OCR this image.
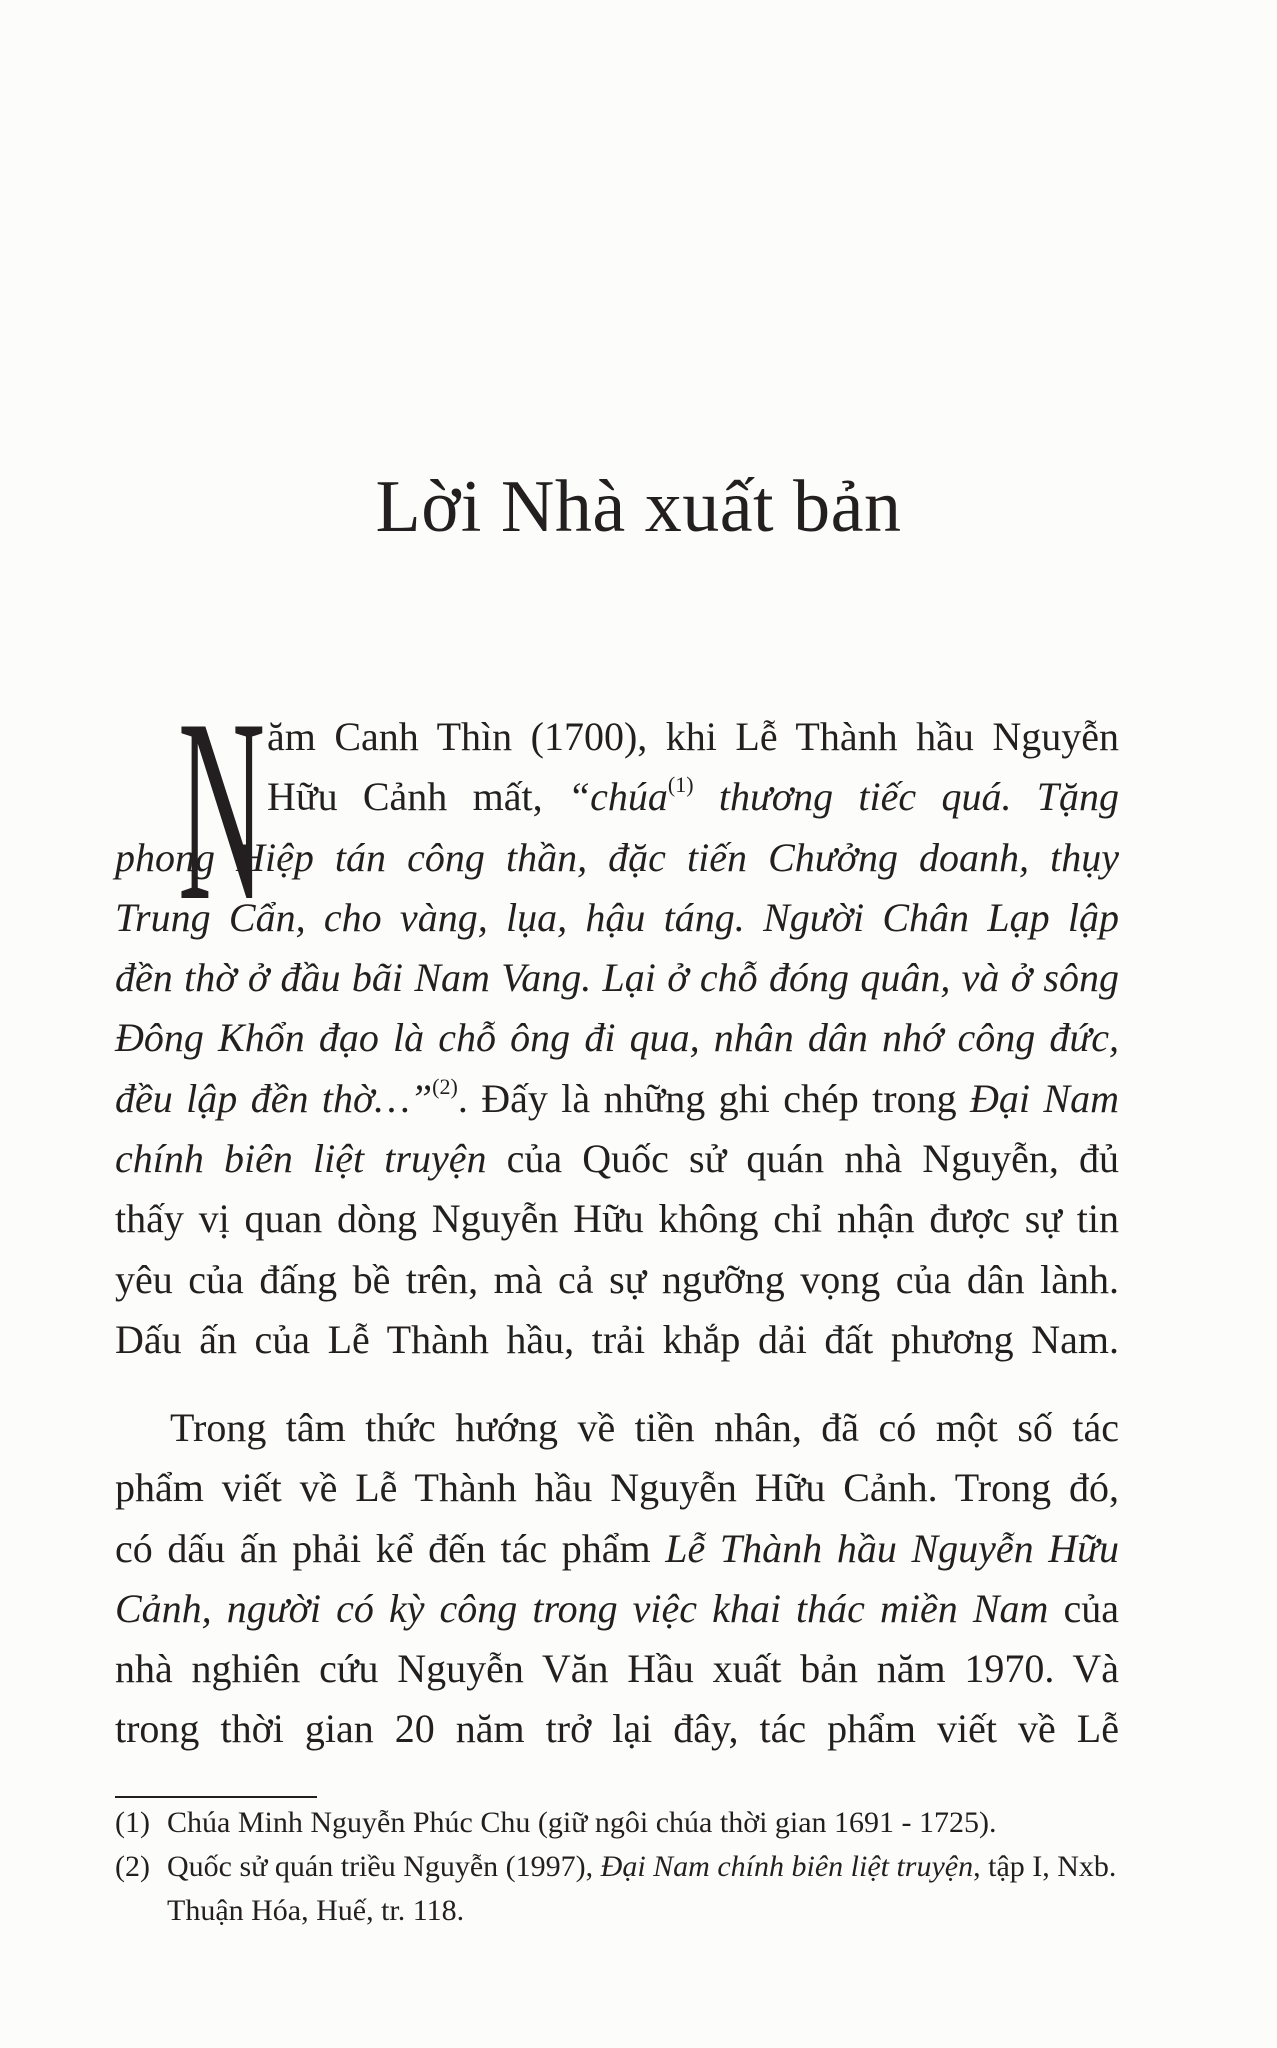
Lời Nhà xuất bản
N ăm Canh Thìn (1700), khi Lễ Thành hầu Nguyễn
Hữu Cảnh mất, “chúa$^{(1)}$ thương tiếc quá. Tặng
phong Hiệp tán công thần, đặc tiến Chưởng doanh, thụy
Trung Cẩn, cho vàng, lụa, hậu táng. Người Chân Lạp lập
đền thờ ở đầu bãi Nam Vang. Lại ở chỗ đóng quân, và ở sông
Đông Khổn đạo là chỗ ông đi qua, nhân dân nhớ công đức,
đều lập đền thờ…”$^{(2)}$. Đấy là những ghi chép trong Đại Nam
chính biên liệt truyện của Quốc sử quán nhà Nguyễn, đủ
thấy vị quan dòng Nguyễn Hữu không chỉ nhận được sự tin
yêu của đấng bề trên, mà cả sự ngưỡng vọng của dân lành.
Dấu ấn của Lễ Thành hầu, trải khắp dải đất phương Nam.
Trong tâm thức hướng về tiền nhân, đã có một số tác
phẩm viết về Lễ Thành hầu Nguyễn Hữu Cảnh. Trong đó,
có dấu ấn phải kể đến tác phẩm Lễ Thành hầu Nguyễn Hữu
Cảnh, người có kỳ công trong việc khai thác miền Nam của
nhà nghiên cứu Nguyễn Văn Hầu xuất bản năm 1970. Và
trong thời gian 20 năm trở lại đây, tác phẩm viết về Lễ
(1) Chúa Minh Nguyễn Phúc Chu (giữ ngôi chúa thời gian 1691 - 1725).
(2) Quốc sử quán triều Nguyễn (1997), Đại Nam chính biên liệt truyện, tập I, Nxb. Thuận Hóa, Huế, tr. 118.
